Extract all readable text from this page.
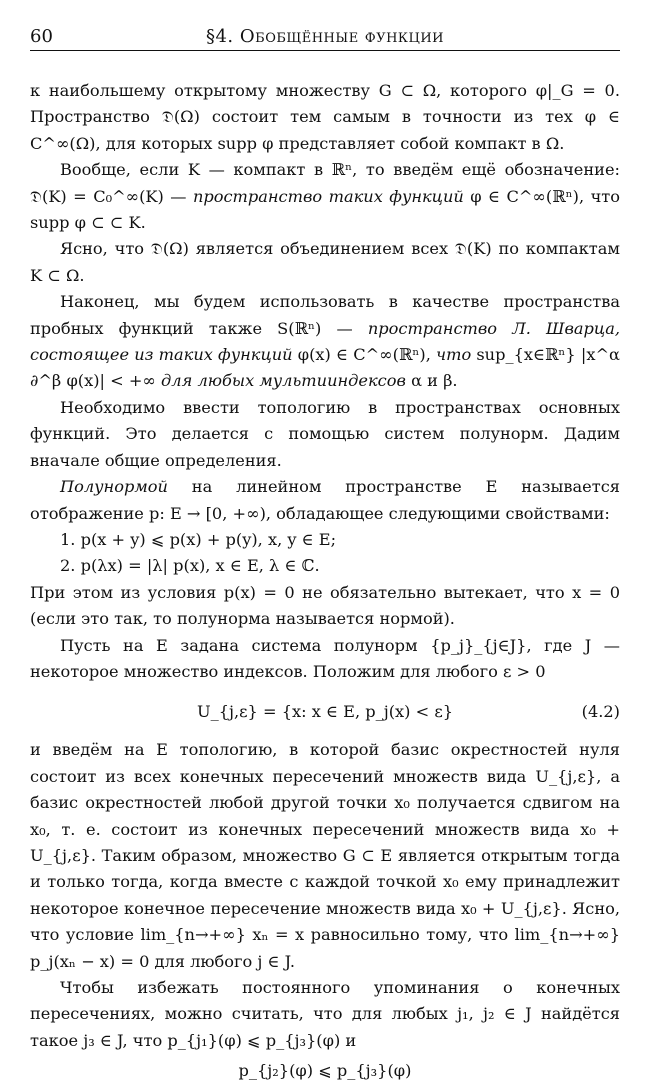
60	§4. Обобщённые функции

к наибольшему открытому множеству G ⊂ Ω, которого φ|_G = 0. Пространство 𝔇(Ω) состоит тем самым в точности из тех φ ∈ C^∞(Ω), для которых supp φ представляет собой компакт в Ω.

Вообще, если K — компакт в ℝⁿ, то введём ещё обозначение: 𝔇(K) = C₀^∞(K) — пространство таких функций φ ∈ C^∞(ℝⁿ), что supp φ ⊂ ⊂ K.

Ясно, что 𝔇(Ω) является объединением всех 𝔇(K) по компактам K ⊂ Ω.

Наконец, мы будем использовать в качестве пространства пробных функций также S(ℝⁿ) — пространство Л. Шварца, состоящее из таких функций φ(x) ∈ C^∞(ℝⁿ), что sup_{x∈ℝⁿ} |x^α ∂^β φ(x)| < +∞ для любых мультииндексов α и β.

Необходимо ввести топологию в пространствах основных функций. Это делается с помощью систем полунорм. Дадим вначале общие определения.

Полунормой на линейном пространстве E называется отображение p: E → [0, +∞), обладающее следующими свойствами:

1. p(x + y) ⩽ p(x) + p(y), x, y ∈ E;

2. p(λx) = |λ| p(x), x ∈ E, λ ∈ ℂ.

При этом из условия p(x) = 0 не обязательно вытекает, что x = 0 (если это так, то полунорма называется нормой).

Пусть на E задана система полунорм {p_j}_{j∈J}, где J — некоторое множество индексов. Положим для любого ε > 0

U_{j,ε} = {x: x ∈ E, p_j(x) < ε}	(4.2)

и введём на E топологию, в которой базис окрестностей нуля состоит из всех конечных пересечений множеств вида U_{j,ε}, а базис окрестностей любой другой точки x₀ получается сдвигом на x₀, т. е. состоит из конечных пересечений множеств вида x₀ + U_{j,ε}. Таким образом, множество G ⊂ E является открытым тогда и только тогда, когда вместе с каждой точкой x₀ ему принадлежит некоторое конечное пересечение множеств вида x₀ + U_{j,ε}. Ясно, что условие lim_{n→+∞} xₙ = x равносильно тому, что lim_{n→+∞} p_j(xₙ − x) = 0 для любого j ∈ J.

Чтобы избежать постоянного упоминания о конечных пересечениях, можно считать, что для любых j₁, j₂ ∈ J найдётся такое j₃ ∈ J, что p_{j₁}(φ) ⩽ p_{j₃}(φ) и

p_{j₂}(φ) ⩽ p_{j₃}(φ)
